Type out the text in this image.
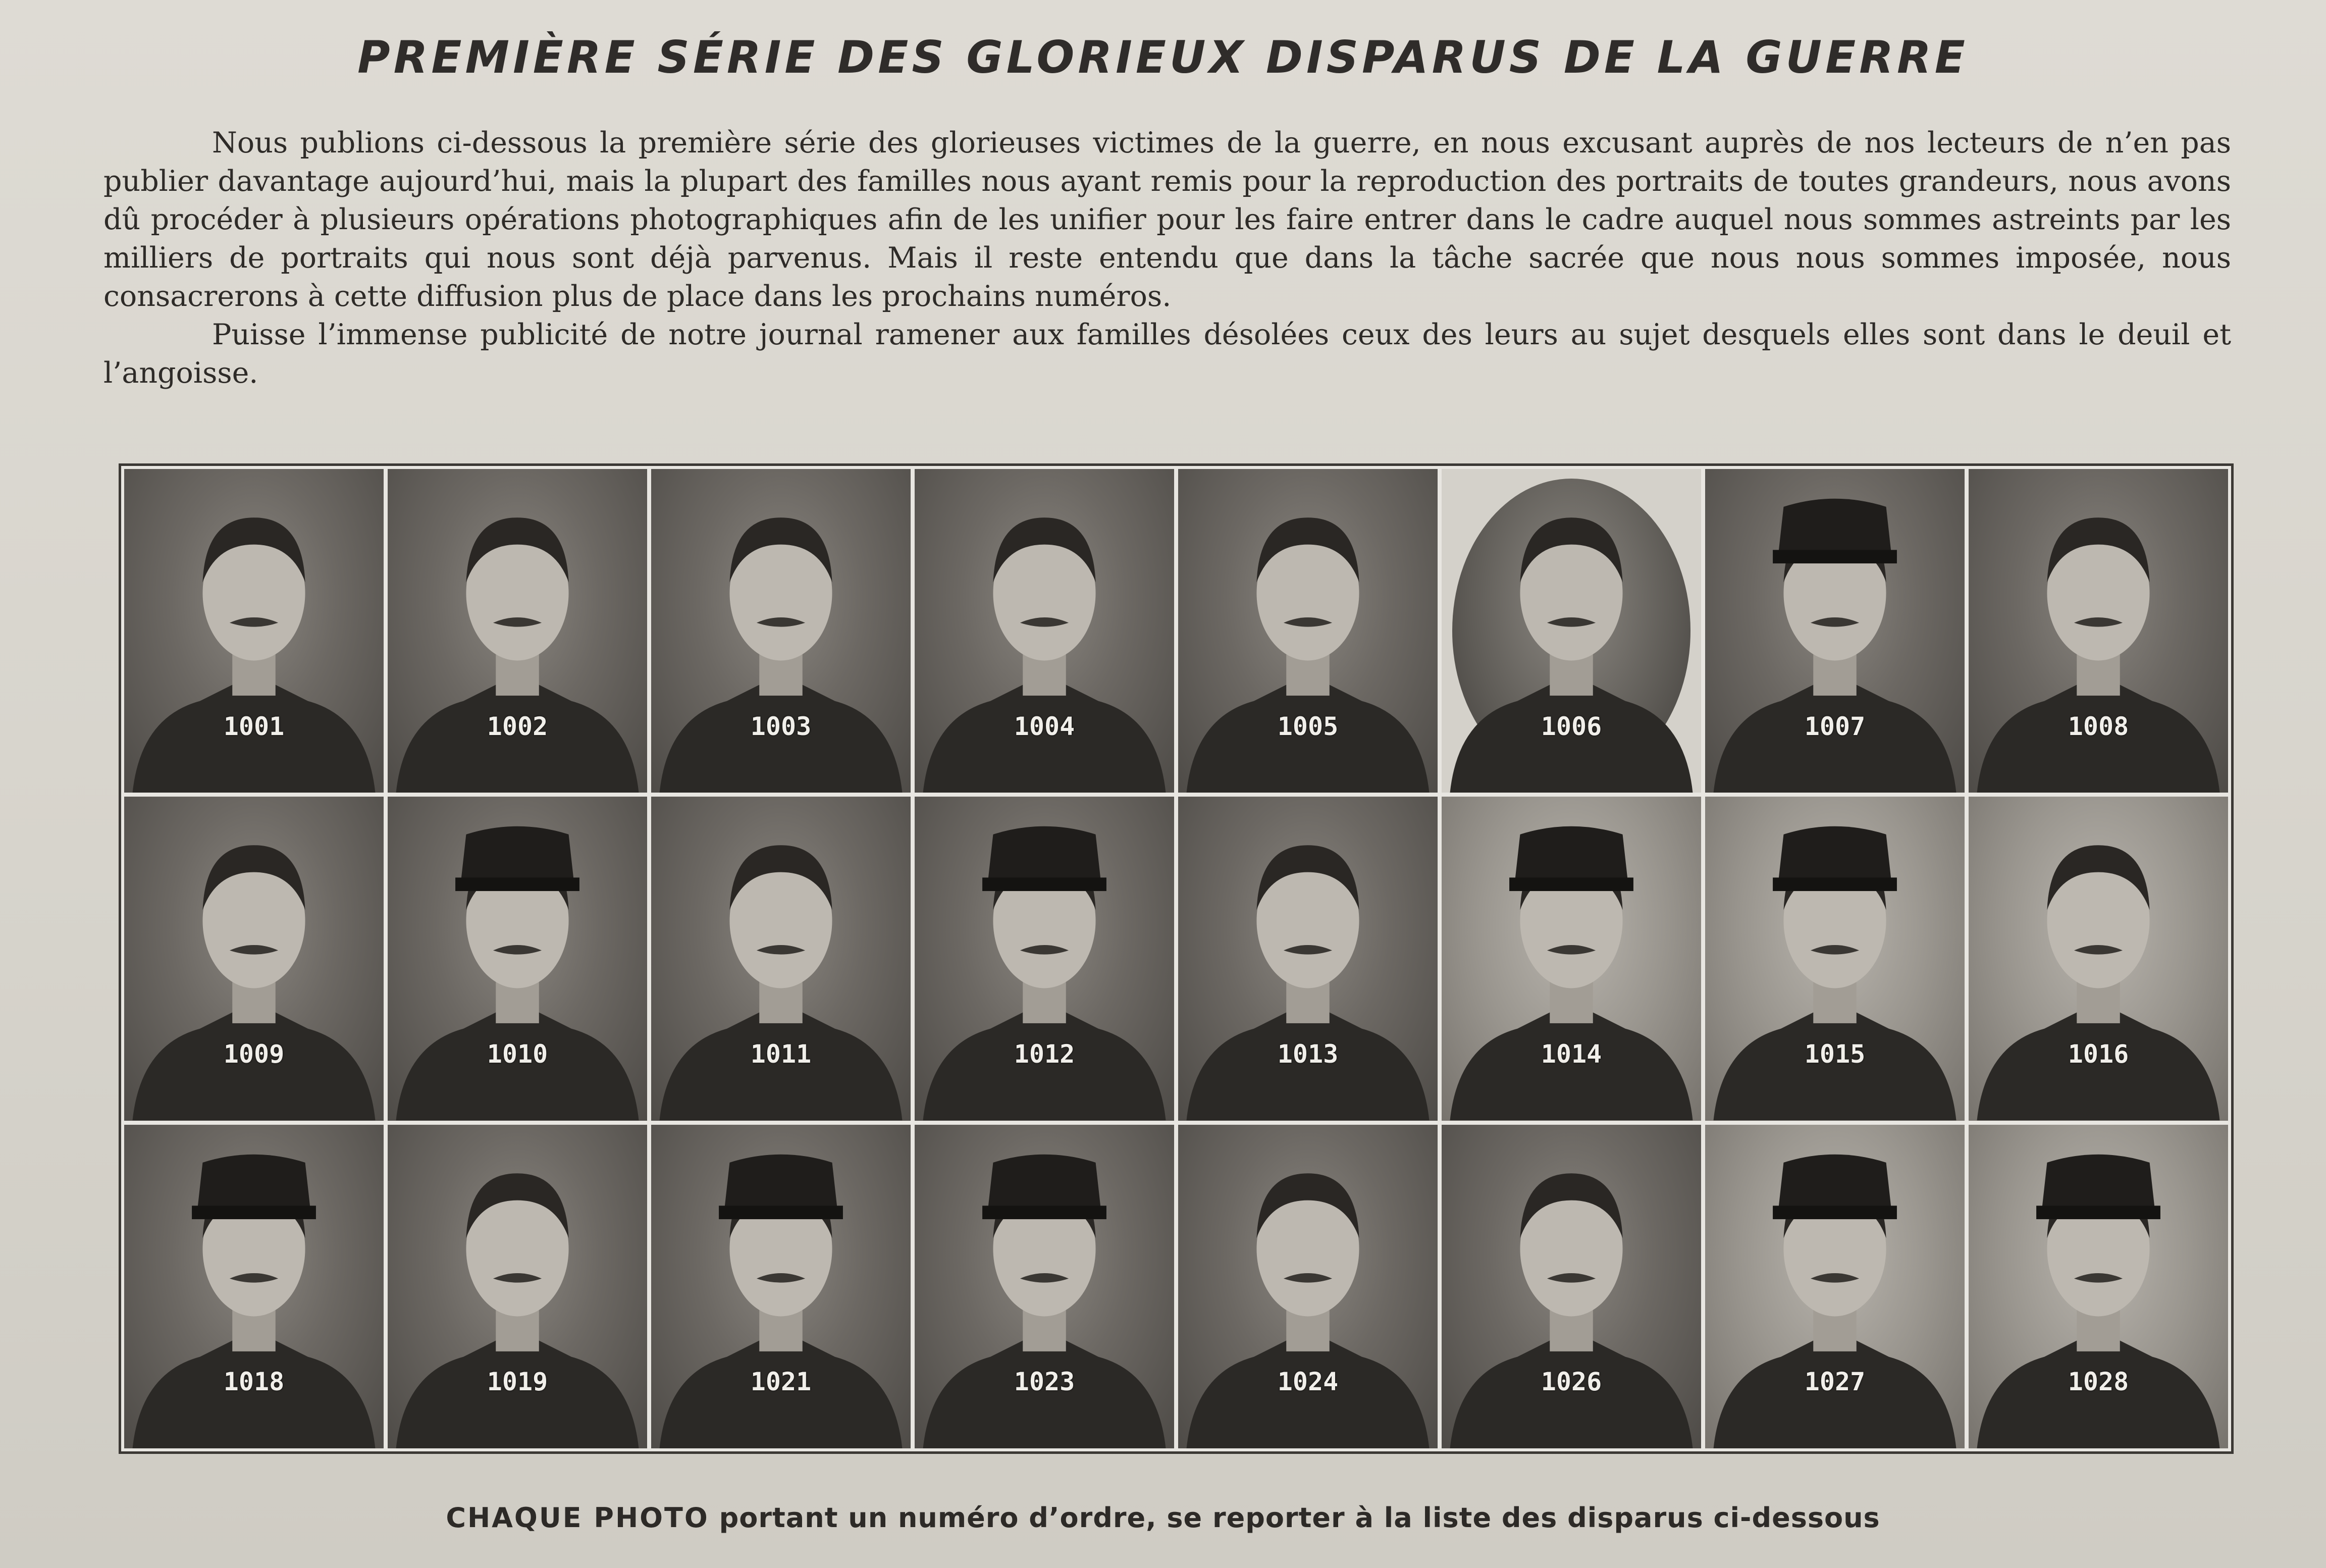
PREMIÈRE SÉRIE DES GLORIEUX DISPARUS DE LA GUERRE

Nous publions ci-dessous la première série des glorieuses victimes de la guerre, en nous excusant auprès de nos lecteurs de n’en pas publier davantage aujourd’hui, mais la plupart des familles nous ayant remis pour la reproduction des portraits de toutes grandeurs, nous avons dû procéder à plusieurs opérations photographiques afin de les unifier pour les faire entrer dans le cadre auquel nous sommes astreints par les milliers de portraits qui nous sont déjà parvenus. Mais il reste entendu que dans la tâche sacrée que nous nous sommes imposée, nous consacrerons à cette diffusion plus de place dans les prochains numéros.

Puisse l’immense publicité de notre journal ramener aux familles désolées ceux des leurs au sujet desquels elles sont dans le deuil et l’angoisse.

1001	1002	1003	1004	1005	1006	1007	1008
1009	1010	1011	1012	1013	1014	1015	1016
1018	1019	1021	1023	1024	1026	1027	1028
CHAQUE PHOTO portant un numéro d’ordre, se reporter à la liste des disparus ci-dessous
